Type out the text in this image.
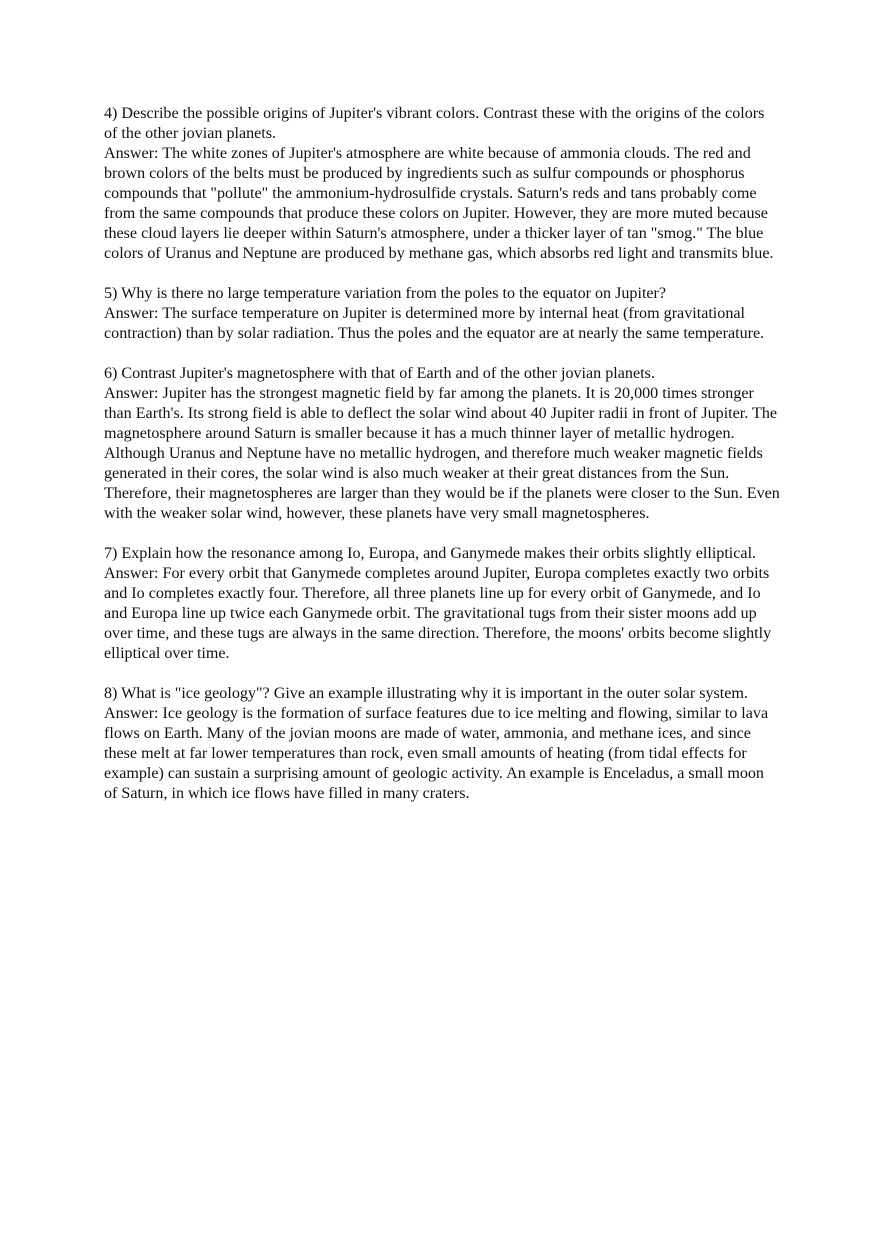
4) Describe the possible origins of Jupiter's vibrant colors. Contrast these with the origins of the colors of the other jovian planets.

Answer: The white zones of Jupiter's atmosphere are white because of ammonia clouds. The red and brown colors of the belts must be produced by ingredients such as sulfur compounds or phosphorus compounds that "pollute" the ammonium-hydrosulfide crystals. Saturn's reds and tans probably come from the same compounds that produce these colors on Jupiter. However, they are more muted because these cloud layers lie deeper within Saturn's atmosphere, under a thicker layer of tan "smog." The blue colors of Uranus and Neptune are produced by methane gas, which absorbs red light and transmits blue.

5) Why is there no large temperature variation from the poles to the equator on Jupiter?

Answer: The surface temperature on Jupiter is determined more by internal heat (from gravitational contraction) than by solar radiation. Thus the poles and the equator are at nearly the same temperature.

6) Contrast Jupiter's magnetosphere with that of Earth and of the other jovian planets.

Answer: Jupiter has the strongest magnetic field by far among the planets. It is 20,000 times stronger than Earth's. Its strong field is able to deflect the solar wind about 40 Jupiter radii in front of Jupiter. The magnetosphere around Saturn is smaller because it has a much thinner layer of metallic hydrogen. Although Uranus and Neptune have no metallic hydrogen, and therefore much weaker magnetic fields generated in their cores, the solar wind is also much weaker at their great distances from the Sun. Therefore, their magnetospheres are larger than they would be if the planets were closer to the Sun. Even with the weaker solar wind, however, these planets have very small magnetospheres.

7) Explain how the resonance among Io, Europa, and Ganymede makes their orbits slightly elliptical.

Answer: For every orbit that Ganymede completes around Jupiter, Europa completes exactly two orbits and Io completes exactly four. Therefore, all three planets line up for every orbit of Ganymede, and Io and Europa line up twice each Ganymede orbit. The gravitational tugs from their sister moons add up over time, and these tugs are always in the same direction. Therefore, the moons' orbits become slightly elliptical over time.

8) What is "ice geology"? Give an example illustrating why it is important in the outer solar system.

Answer: Ice geology is the formation of surface features due to ice melting and flowing, similar to lava flows on Earth. Many of the jovian moons are made of water, ammonia, and methane ices, and since these melt at far lower temperatures than rock, even small amounts of heating (from tidal effects for example) can sustain a surprising amount of geologic activity. An example is Enceladus, a small moon of Saturn, in which ice flows have filled in many craters.
